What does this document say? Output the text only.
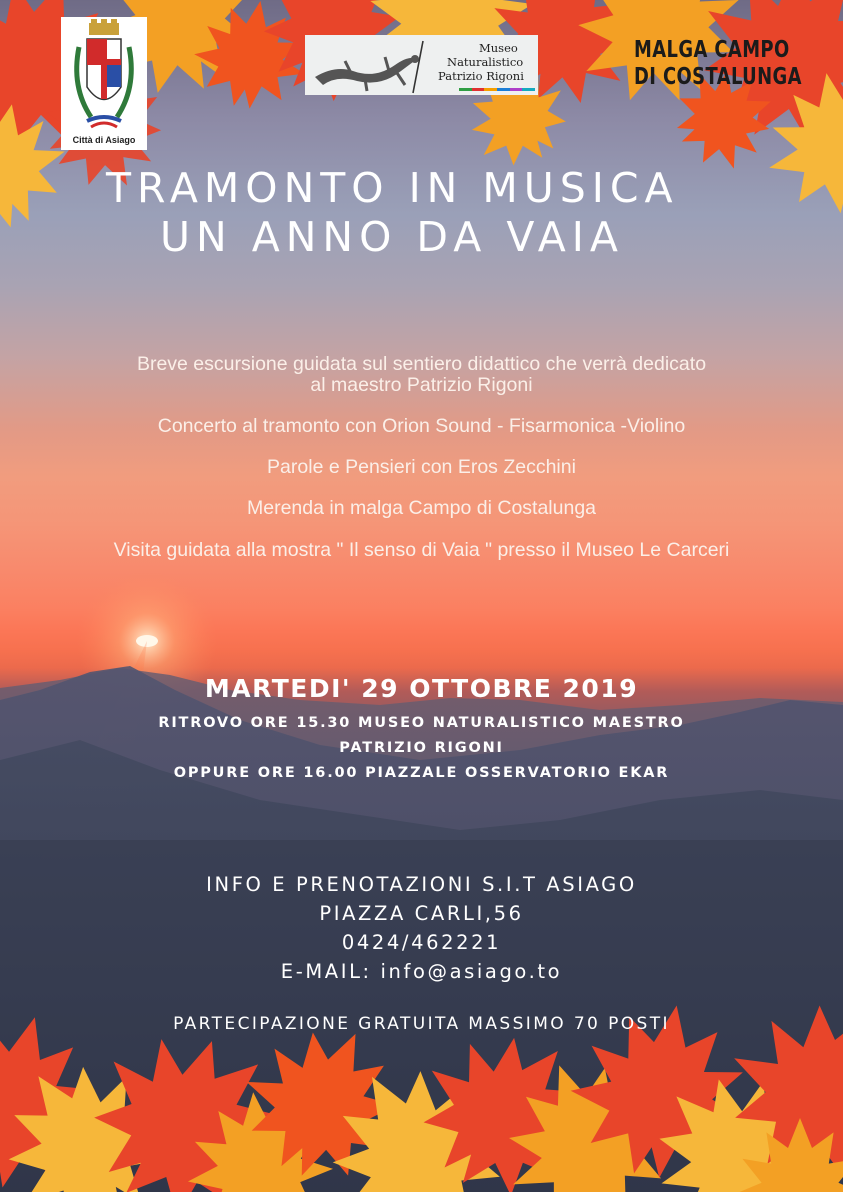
Città di Asiago
Museo
Naturalistico
Patrizio Rigoni
MALGA CAMPO
DI COSTALUNGA
TRAMONTO IN MUSICA
UN ANNO DA VAIA
Breve escursione guidata sul sentiero didattico che verrà dedicato
al maestro Patrizio Rigoni
Concerto al tramonto con Orion Sound - Fisarmonica -Violino
Parole e Pensieri con Eros Zecchini
Merenda in malga Campo di Costalunga
Visita guidata alla mostra " Il senso di Vaia " presso il Museo Le Carceri
MARTEDI' 29 OTTOBRE 2019
RITROVO ORE 15.30 MUSEO NATURALISTICO MAESTRO
PATRIZIO RIGONI
OPPURE ORE 16.00 PIAZZALE OSSERVATORIO EKAR
INFO E PRENOTAZIONI S.I.T ASIAGO
PIAZZA CARLI,56
0424/462221
E-MAIL: info@asiago.to
PARTECIPAZIONE GRATUITA MASSIMO 70 POSTI
